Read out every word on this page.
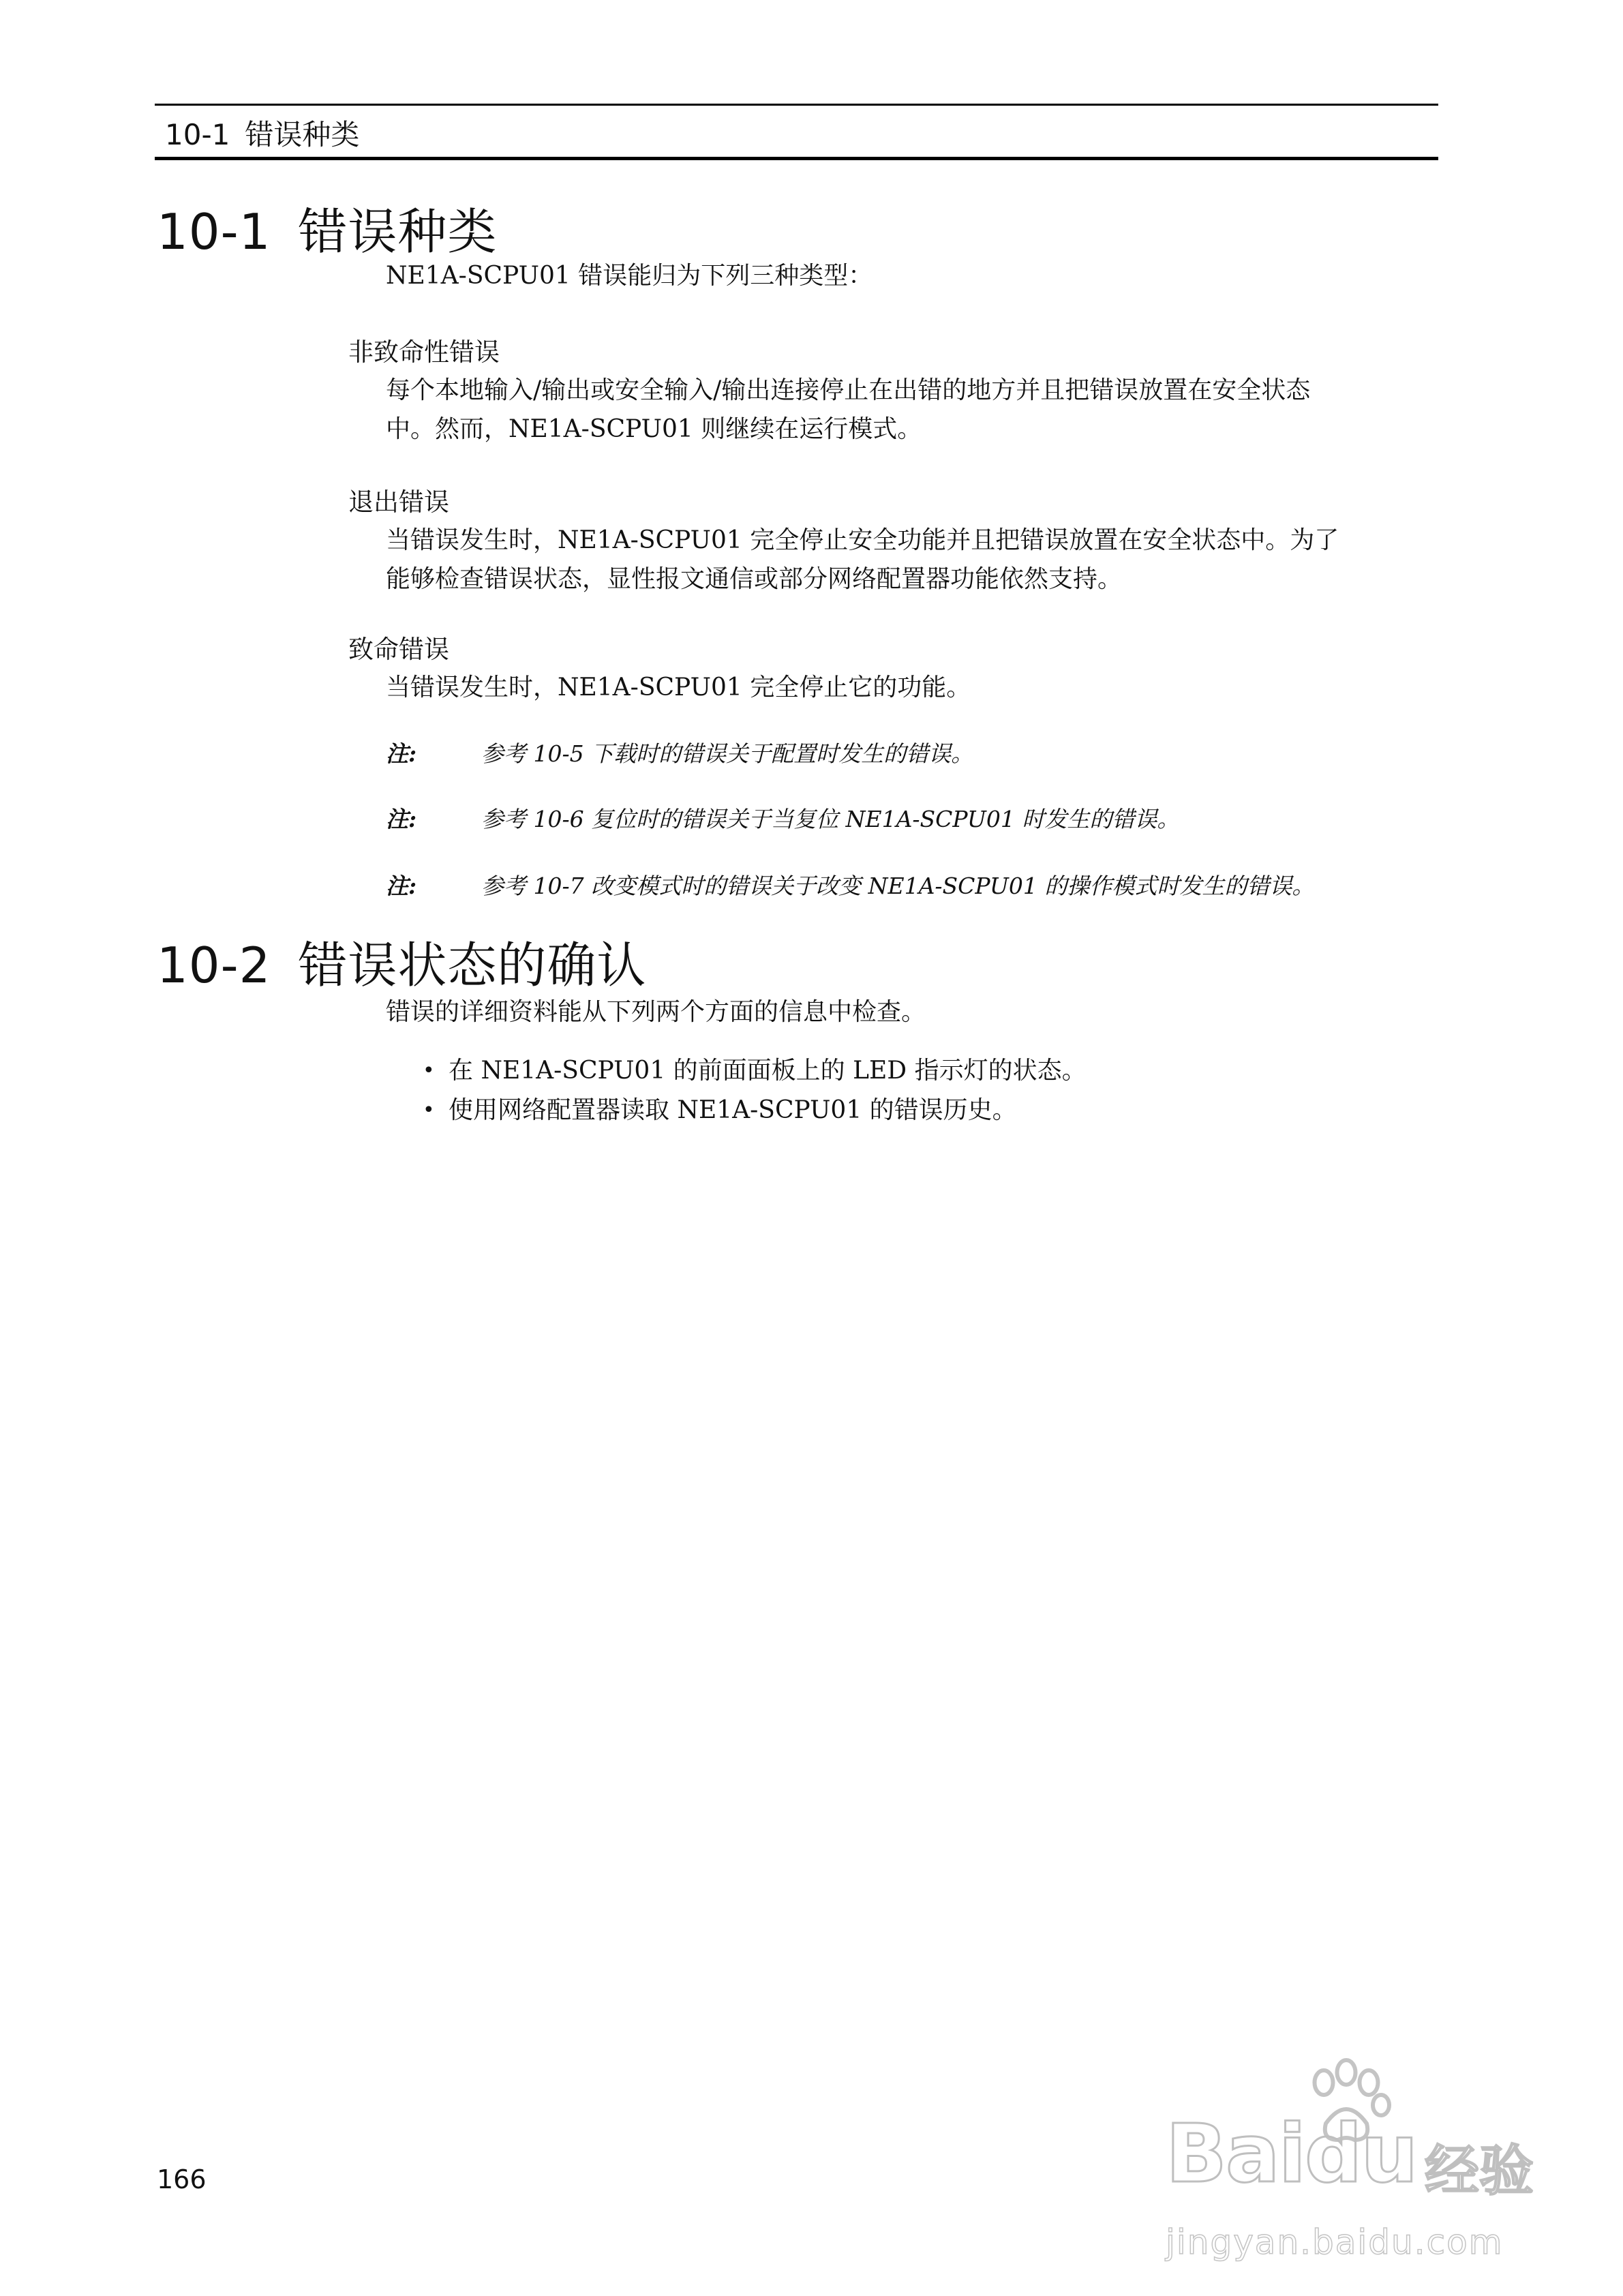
10-1 错误种类
10-1 错误种类

NE1A-SCPU01 错误能归为下列三种类型：

非致命性错误

每个本地输入/输出或安全输入/输出连接停止在出错的地方并且把错误放置在安全状态
中。然而，NE1A-SCPU01 则继续在运行模式。

退出错误

当错误发生时，NE1A-SCPU01 完全停止安全功能并且把错误放置在安全状态中。为了
能够检查错误状态，显性报文通信或部分网络配置器功能依然支持。

致命错误

当错误发生时，NE1A-SCPU01 完全停止它的功能。

注:	参考 10-5 下载时的错误关于配置时发生的错误。
注:	参考 10-6 复位时的错误关于当复位 NE1A-SCPU01 时发生的错误。
注:	参考 10-7 改变模式时的错误关于改变 NE1A-SCPU01 的操作模式时发生的错误。
10-2 错误状态的确认

错误的详细资料能从下列两个方面的信息中检查。

• 在 NE1A-SCPU01 的前面面板上的 LED 指示灯的状态。
• 使用网络配置器读取 NE1A-SCPU01 的错误历史。
166	Baidu 经验
jingyan.baidu.com
